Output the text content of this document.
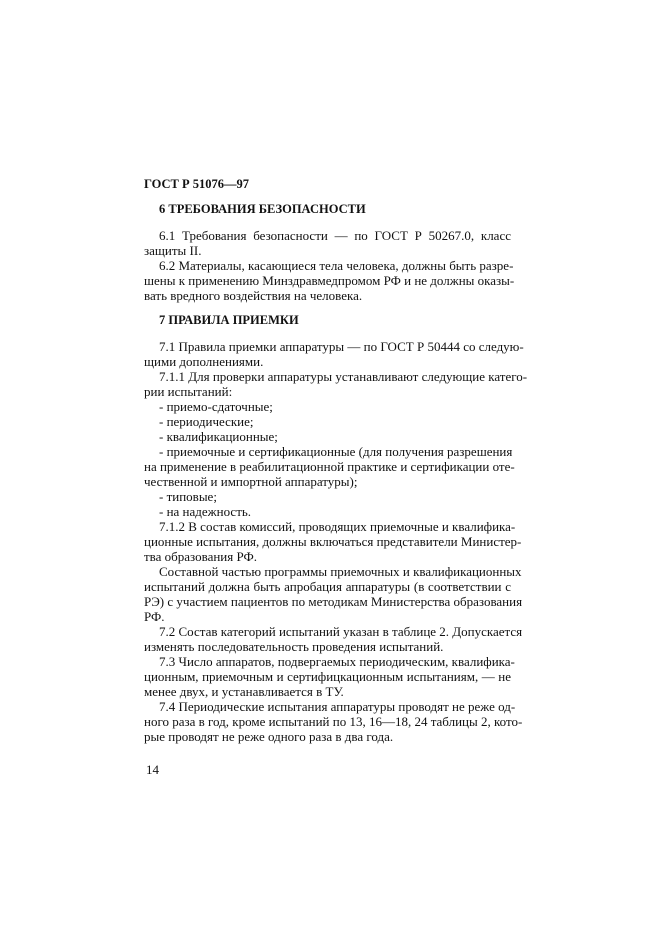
ГОСТ Р 51076—97
6 ТРЕБОВАНИЯ БЕЗОПАСНОСТИ
6.1 Требования безопасности — по ГОСТ Р 50267.0, класс
защиты II.
6.2 Материалы, касающиеся тела человека, должны быть разре-
шены к применению Минздравмедпромом РФ и не должны оказы-
вать вредного воздействия на человека.
7 ПРАВИЛА ПРИЕМКИ
7.1 Правила приемки аппаратуры — по ГОСТ Р 50444 со следую-
щими дополнениями.
7.1.1 Для проверки аппаратуры устанавливают следующие катего-
рии испытаний:
- приемо-сдаточные;
- периодические;
- квалификационные;
- приемочные и сертификационные (для получения разрешения
на применение в реабилитационной практике и сертификации оте-
чественной и импортной аппаратуры);
- типовые;
- на надежность.
7.1.2 В состав комиссий, проводящих приемочные и квалифика-
ционные испытания, должны включаться представители Министер-
тва образования РФ.
Составной частью программы приемочных и квалификационных
испытаний должна быть апробация аппаратуры (в соответствии с
РЭ) с участием пациентов по методикам Министерства образования
РФ.
7.2 Состав категорий испытаний указан в таблице 2. Допускается
изменять последовательность проведения испытаний.
7.3 Число аппаратов, подвергаемых периодическим, квалифика-
ционным, приемочным и сертифицкационным испытаниям, — не
менее двух, и устанавливается в ТУ.
7.4 Периодические испытания аппаратуры проводят не реже од-
ного раза в год, кроме испытаний по 13, 16—18, 24 таблицы 2, кото-
рые проводят не реже одного раза в два года.
14
